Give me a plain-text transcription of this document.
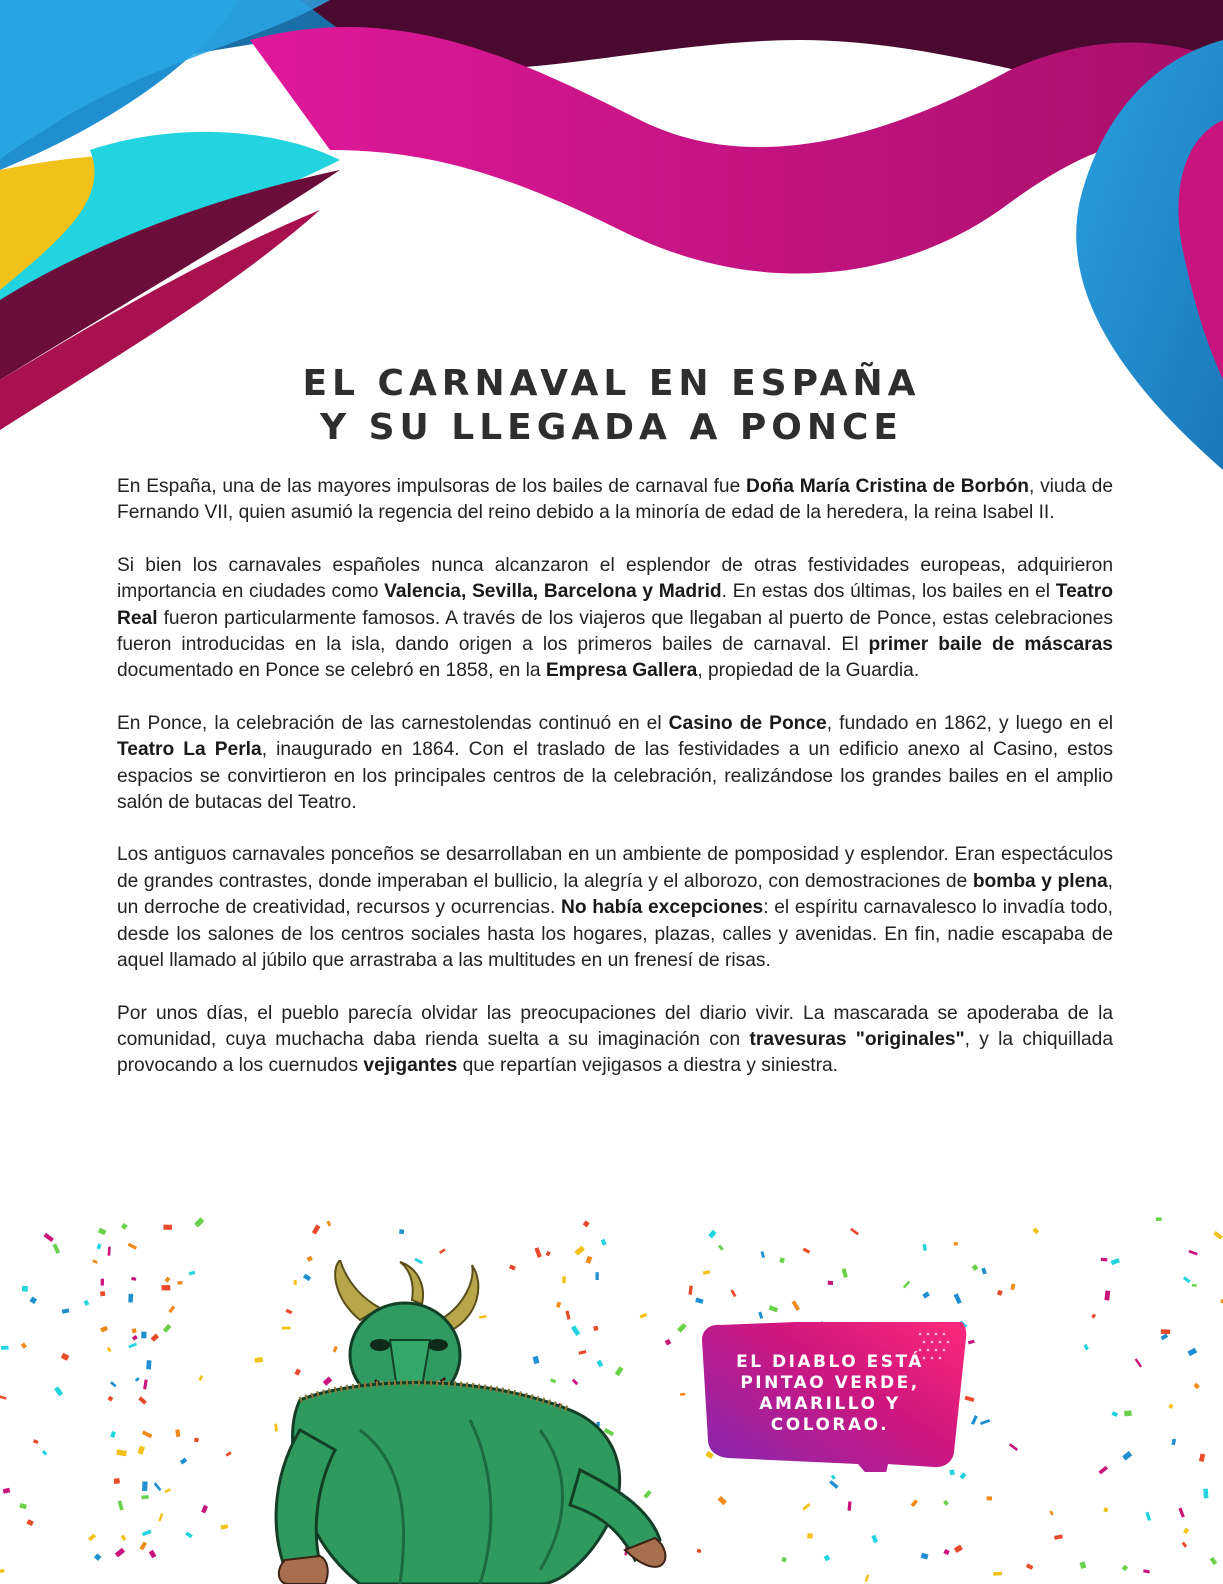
EL CARNAVAL EN ESPAÑA
Y SU LLEGADA A PONCE

En España, una de las mayores impulsoras de los bailes de carnaval fue Doña María Cristina de Borbón, viuda de Fernando VII, quien asumió la regencia del reino debido a la minoría de edad de la heredera, la reina Isabel II.

Si bien los carnavales españoles nunca alcanzaron el esplendor de otras festividades europeas, adquirieron importancia en ciudades como Valencia, Sevilla, Barcelona y Madrid. En estas dos últimas, los bailes en el Teatro Real fueron particularmente famosos. A través de los viajeros que llegaban al puerto de Ponce, estas celebraciones fueron introducidas en la isla, dando origen a los primeros bailes de carnaval. El primer baile de máscaras documentado en Ponce se celebró en 1858, en la Empresa Gallera, propiedad de la Guardia.

En Ponce, la celebración de las carnestolendas continuó en el Casino de Ponce, fundado en 1862, y luego en el Teatro La Perla, inaugurado en 1864. Con el traslado de las festividades a un edificio anexo al Casino, estos espacios se convirtieron en los principales centros de la celebración, realizándose los grandes bailes en el amplio salón de butacas del Teatro.

Los antiguos carnavales ponceños se desarrollaban en un ambiente de pomposidad y esplendor. Eran espectáculos de grandes contrastes, donde imperaban el bullicio, la alegría y el alborozo, con demostraciones de bomba y plena, un derroche de creatividad, recursos y ocurrencias. No había excepciones: el espíritu carnavalesco lo invadía todo, desde los salones de los centros sociales hasta los hogares, plazas, calles y avenidas. En fin, nadie escapaba de aquel llamado al júbilo que arrastraba a las multitudes en un frenesí de risas.

Por unos días, el pueblo parecía olvidar las preocupaciones del diario vivir. La mascarada se apoderaba de la comunidad, cuya muchacha daba rienda suelta a su imaginación con travesuras "originales", y la chiquillada provocando a los cuernudos vejigantes que repartían vejigasos a diestra y siniestra.

EL DIABLO ESTÁ
PINTAO VERDE,
AMARILLO Y
COLORAO.
